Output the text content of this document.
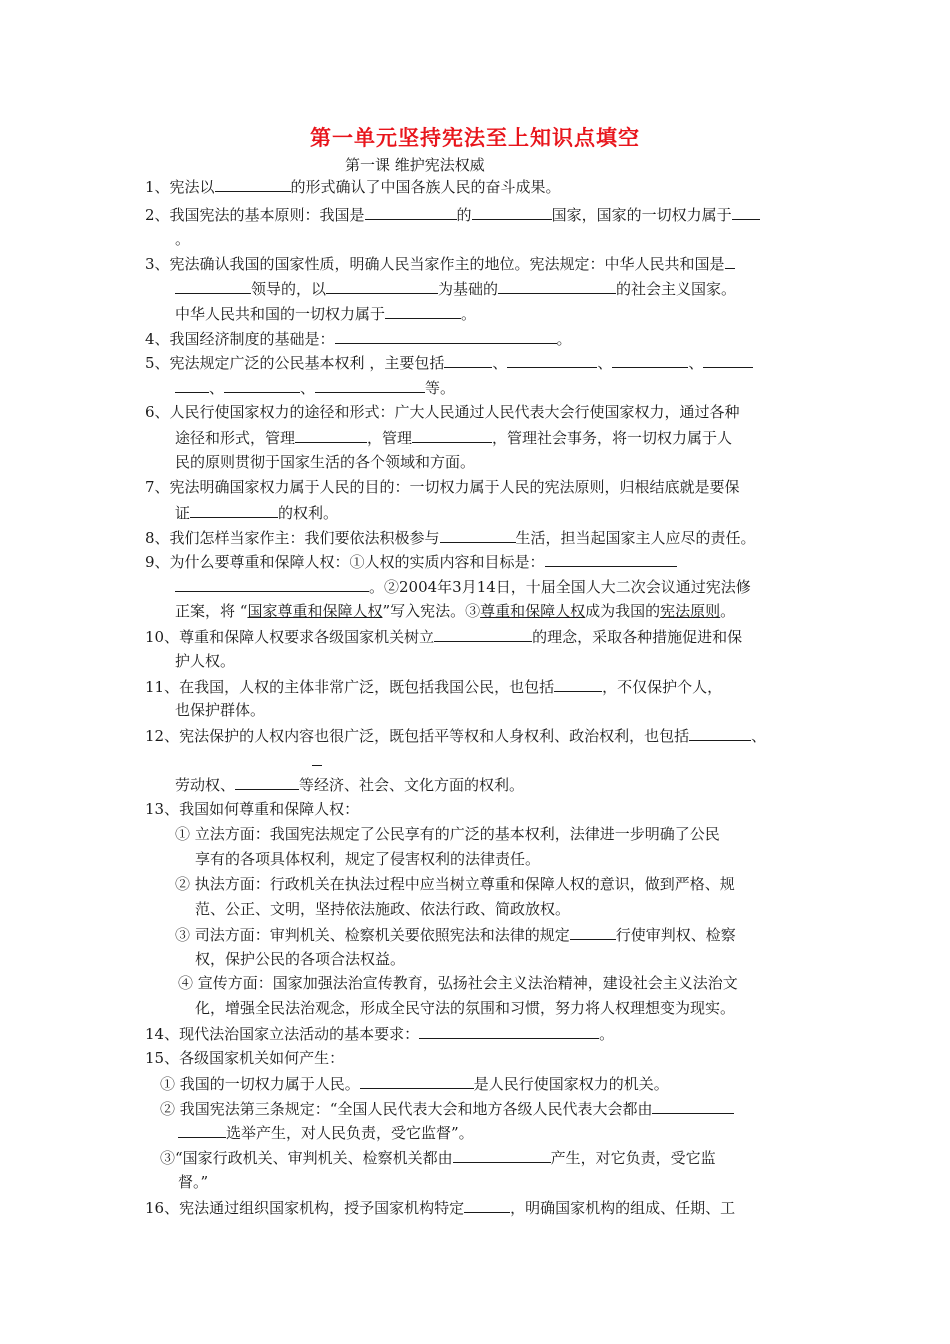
第一单元坚持宪法至上知识点填空
第一课 维护宪法权威
1、宪法以	的形式确认了中国各族人民的奋斗成果。
2、我国宪法的基本原则：我国是	的	国家，国家的一切权力属于
。
3、宪法确认我国的国家性质，明确人民当家作主的地位。宪法规定：中华人民共和国是
领导的，以	为基础的	的社会主义国家。
中华人民共和国的一切权力属于	。
4、我国经济制度的基础是：	。
5、宪法规定广泛的公民基本权利 ，主要包括	、	、	、
、	、	等。
6、人民行使国家权力的途径和形式：广大人民通过人民代表大会行使国家权力，通过各种
途径和形式，管理	，管理	，管理社会事务，将一切权力属于人
民的原则贯彻于国家生活的各个领域和方面。
7、宪法明确国家权力属于人民的目的：一切权力属于人民的宪法原则，归根结底就是要保
证	的权利。
8、我们怎样当家作主：我们要依法积极参与	生活，担当起国家主人应尽的责任。
9、为什么要尊重和保障人权：①人权的实质内容和目标是：
。②2004年3月14日，十届全国人大二次会议通过宪法修
正案，将 “国家尊重和保障人权”写入宪法。③尊重和保障人权成为我国的宪法原则。
10、尊重和保障人权要求各级国家机关树立	的理念，采取各种措施促进和保
护人权。
11、在我国，人权的主体非常广泛，既包括我国公民，也包括	，不仅保护个人，
也保护群体。
12、宪法保护的人权内容也很广泛，既包括平等权和人身权利、政治权利，也包括	、
劳动权、	等经济、社会、文化方面的权利。
13、我国如何尊重和保障人权：
① 立法方面：我国宪法规定了公民享有的广泛的基本权利，法律进一步明确了公民
享有的各项具体权利，规定了侵害权利的法律责任。
② 执法方面：行政机关在执法过程中应当树立尊重和保障人权的意识，做到严格、规
范、公正、文明，坚持依法施政、依法行政、简政放权。
③ 司法方面：审判机关、检察机关要依照宪法和法律的规定	行使审判权、检察
权，保护公民的各项合法权益。
④ 宣传方面：国家加强法治宣传教育，弘扬社会主义法治精神，建设社会主义法治文
化，增强全民法治观念，形成全民守法的氛围和习惯，努力将人权理想变为现实。
14、现代法治国家立法活动的基本要求：	。
15、各级国家机关如何产生：
① 我国的一切权力属于人民。	是人民行使国家权力的机关。
② 我国宪法第三条规定：“全国人民代表大会和地方各级人民代表大会都由
选举产生，对人民负责，受它监督”。
③“国家行政机关、审判机关、检察机关都由	产生，对它负责，受它监
督。”
16、宪法通过组织国家机构，授予国家机构特定	，明确国家机构的组成、任期、工
